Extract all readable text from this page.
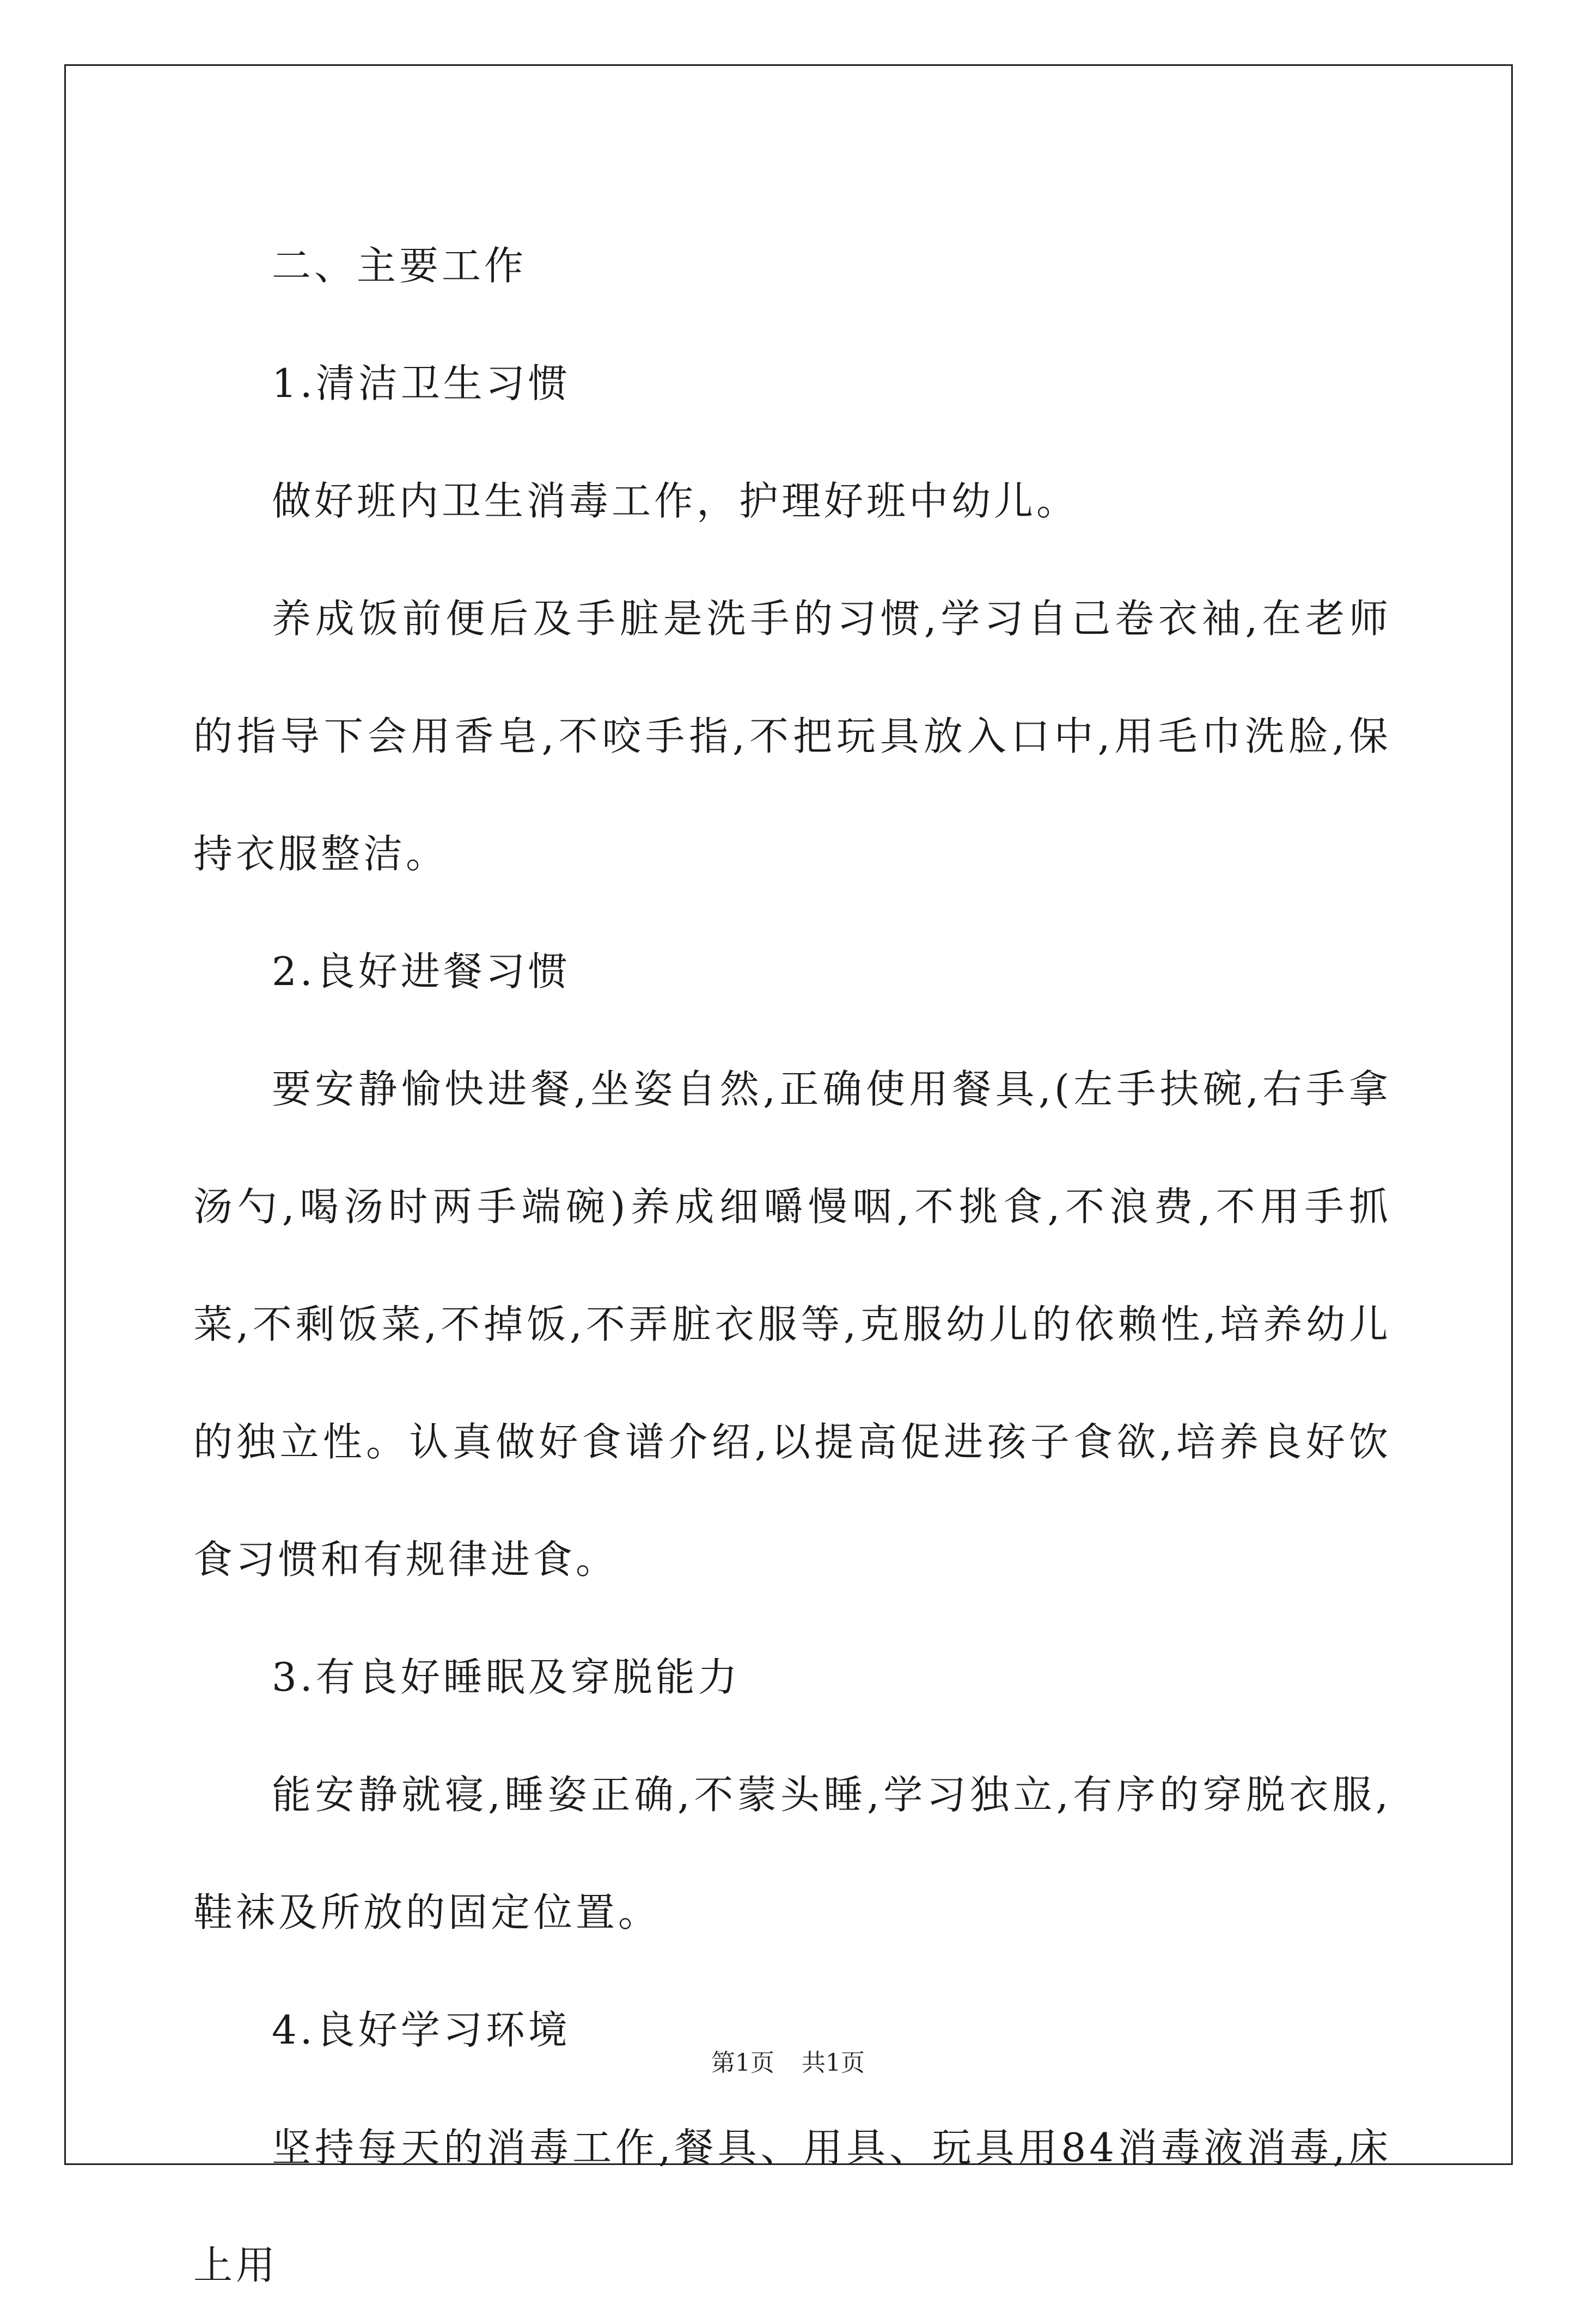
二、主要工作

1.清洁卫生习惯

做好班内卫生消毒工作，护理好班中幼儿。

养成饭前便后及手脏是洗手的习惯,学习自己卷衣袖,在老师的指导下会用香皂,不咬手指,不把玩具放入口中,用毛巾洗脸,保持衣服整洁。

2.良好进餐习惯

要安静愉快进餐,坐姿自然,正确使用餐具,(左手扶碗,右手拿汤勺,喝汤时两手端碗)养成细嚼慢咽,不挑食,不浪费,不用手抓菜,不剩饭菜,不掉饭,不弄脏衣服等,克服幼儿的依赖性,培养幼儿的独立性。认真做好食谱介绍,以提高促进孩子食欲,培养良好饮食习惯和有规律进食。

3.有良好睡眠及穿脱能力

能安静就寝,睡姿正确,不蒙头睡,学习独立,有序的穿脱衣服,鞋袜及所放的固定位置。

4.良好学习环境

坚持每天的消毒工作,餐具、用具、玩具用84消毒液消毒,床上用

第1页 共1页
